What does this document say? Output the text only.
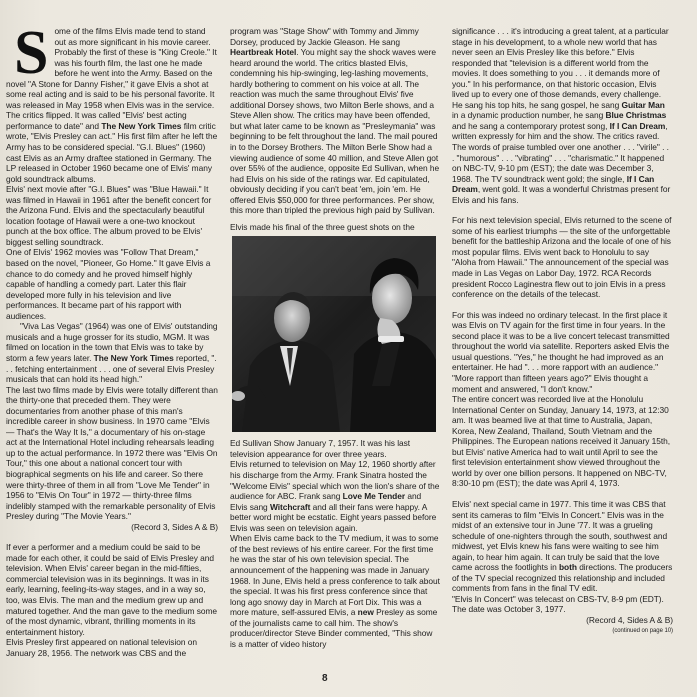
Some of the films Elvis made tend to stand out as more significant in his movie career. Probably the first of these is "King Creole." It was his fourth film, the last one he made before he went into the Army. Based on the novel "A Stone for Danny Fisher," it gave Elvis a shot at some real acting and is said to be his personal favorite. It was released in May 1958 when Elvis was in the service. The critics flipped. It was called "Elvis' best acting performance to date" and The New York Times film critic wrote, "Elvis Presley can act." His first film after he left the Army has to be considered special. "G.I. Blues" (1960) cast Elvis as an Army draftee stationed in Germany. The LP released in October 1960 became one of Elvis' many gold soundtrack albums.

Elvis' next movie after "G.I. Blues" was "Blue Hawaii." It was filmed in Hawaii in 1961 after the benefit concert for the Arizona Fund. Elvis and the spectacularly beautiful location footage of Hawaii were a one-two knockout punch at the box office. The album proved to be Elvis' biggest selling soundtrack.

One of Elvis' 1962 movies was "Follow That Dream," based on the novel, "Pioneer, Go Home." It gave Elvis a chance to do comedy and he proved himself highly capable of handling a comedy part. Later this flair developed more fully in his television and live performances. It became part of his rapport with audiences.

"Viva Las Vegas" (1964) was one of Elvis' outstanding musicals and a huge grosser for its studio, MGM. It was filmed on location in the town that Elvis was to take by storm a few years later. The New York Times reported, ". . . fetching entertainment . . . one of several Elvis Presley musicals that can hold its head high."

The last two films made by Elvis were totally different than the thirty-one that preceded them. They were documentaries from another phase of this man's incredible career in show business. In 1970 came "Elvis — That's the Way It Is," a documentary of his on-stage act at the International Hotel including rehearsals leading up to the actual performance. In 1972 there was "Elvis On Tour," this one about a national concert tour with biographical segments on his life and career. So there were thirty-three of them in all from "Love Me Tender" in 1956 to "Elvis On Tour" in 1972 — thirty-three films indelibly stamped with the remarkable personality of Elvis Presley during "The Movie Years."

(Record 3, Sides A & B)

If ever a performer and a medium could be said to be made for each other, it could be said of Elvis Presley and television. When Elvis' career began in the mid-fifties, commercial television was in its beginnings. It was in its early, learning, feeling-its-way stages, and in a way so, too, was Elvis. The man and the medium grew up and matured together. And the man gave to the medium some of the most dynamic, vibrant, thrilling moments in its entertainment history.

Elvis Presley first appeared on national television on January 28, 1956. The network was CBS and the

program was "Stage Show" with Tommy and Jimmy Dorsey, produced by Jackie Gleason. He sang Heartbreak Hotel. You might say the shock waves were heard around the world. The critics blasted Elvis, condemning his hip-swinging, leg-lashing movements, hardly bothering to comment on his voice at all. The reaction was much the same throughout Elvis' five additional Dorsey shows, two Milton Berle shows, and a Steve Allen show. The critics may have been offended, but what later came to be known as "Presleymania" was beginning to be felt throughout the land. The mail poured in to the Dorsey Brothers. The Milton Berle Show had a viewing audience of some 40 million, and Steve Allen got over 55% of the audience, opposite Ed Sullivan, when he had Elvis on his side of the ratings war. Ed capitulated, obviously deciding if you can't beat 'em, join 'em. He offered Elvis $50,000 for three performances. Per show, this more than tripled the previous high paid by Sullivan.

Elvis made his final of the three guest shots on the

Ed Sullivan Show January 7, 1957. It was his last television appearance for over three years.

Elvis returned to television on May 12, 1960 shortly after his discharge from the Army. Frank Sinatra hosted the "Welcome Elvis" special which won the lion's share of the audience for ABC. Frank sang Love Me Tender and Elvis sang Witchcraft and all their fans were happy. A better word might be ecstatic. Eight years passed before Elvis was seen on television again.

When Elvis came back to the TV medium, it was to some of the best reviews of his entire career. For the first time he was the star of his own television special. The announcement of the happening was made in January 1968. In June, Elvis held a press conference to talk about the special. It was his first press conference since that long ago snowy day in March at Fort Dix. This was a more mature, self-assured Elvis, a new Presley as some of the journalists came to call him. The show's producer/director Steve Binder commented, "This show is a matter of video history

8

significance . . . it's introducing a great talent, at a particular stage in his development, to a whole new world that has never seen an Elvis Presley like this before." Elvis responded that "television is a different world from the movies. It does something to you . . . it demands more of you." In his performance, on that historic occasion, Elvis lived up to every one of those demands, every challenge. He sang his top hits, he sang gospel, he sang Guitar Man in a dynamic production number, he sang Blue Christmas and he sang a contemporary protest song, If I Can Dream, written expressly for him and the show. The critics raved. The words of praise tumbled over one another . . . "virile" . . . "humorous" . . . "vibrating" . . . "charismatic." It happened on NBC-TV, 9-10 pm (EST); the date was December 3, 1968. The TV soundtrack went gold; the single, If I Can Dream, went gold. It was a wonderful Christmas present for Elvis and his fans.

For his next television special, Elvis returned to the scene of some of his earliest triumphs — the site of the unforgettable benefit for the battleship Arizona and the locale of one of his most popular films. Elvis went back to Honolulu to say "Aloha from Hawaii." The announcement of the special was made in Las Vegas on Labor Day, 1972. RCA Records president Rocco Laginestra flew out to join Elvis in a press conference on the details of the telecast.

For this was indeed no ordinary telecast. In the first place it was Elvis on TV again for the first time in four years. In the second place it was to be a live concert telecast transmitted throughout the world via satellite. Reporters asked Elvis the usual questions. "Yes," he thought he had improved as an entertainer. He had ". . . more rapport with an audience." "More rapport than fifteen years ago?" Elvis thought a moment and answered, "I don't know."

The entire concert was recorded live at the Honolulu International Center on Sunday, January 14, 1973, at 12:30 am. It was beamed live at that time to Australia, Japan, Korea, New Zealand, Thailand, South Vietnam and the Philippines. The European nations received it January 15th, but Elvis' native America had to wait until April to see the first television entertainment show viewed throughout the world by over one billion persons. It happened on NBC-TV, 8:30-10 pm (EST); the date was April 4, 1973.

Elvis' next special came in 1977. This time it was CBS that sent its cameras to film "Elvis In Concert." Elvis was in the midst of an extensive tour in June '77. It was a grueling schedule of one-nighters through the south, southwest and midwest, yet Elvis knew his fans were waiting to see him again, to hear him again. It can truly be said that the love came across the footlights in both directions. The producers of the TV special recognized this relationship and included comments from fans in the final TV edit.

"Elvis In Concert" was telecast on CBS-TV, 8-9 pm (EDT). The date was October 3, 1977.

(Record 4, Sides A & B)

(continued on page 10)
